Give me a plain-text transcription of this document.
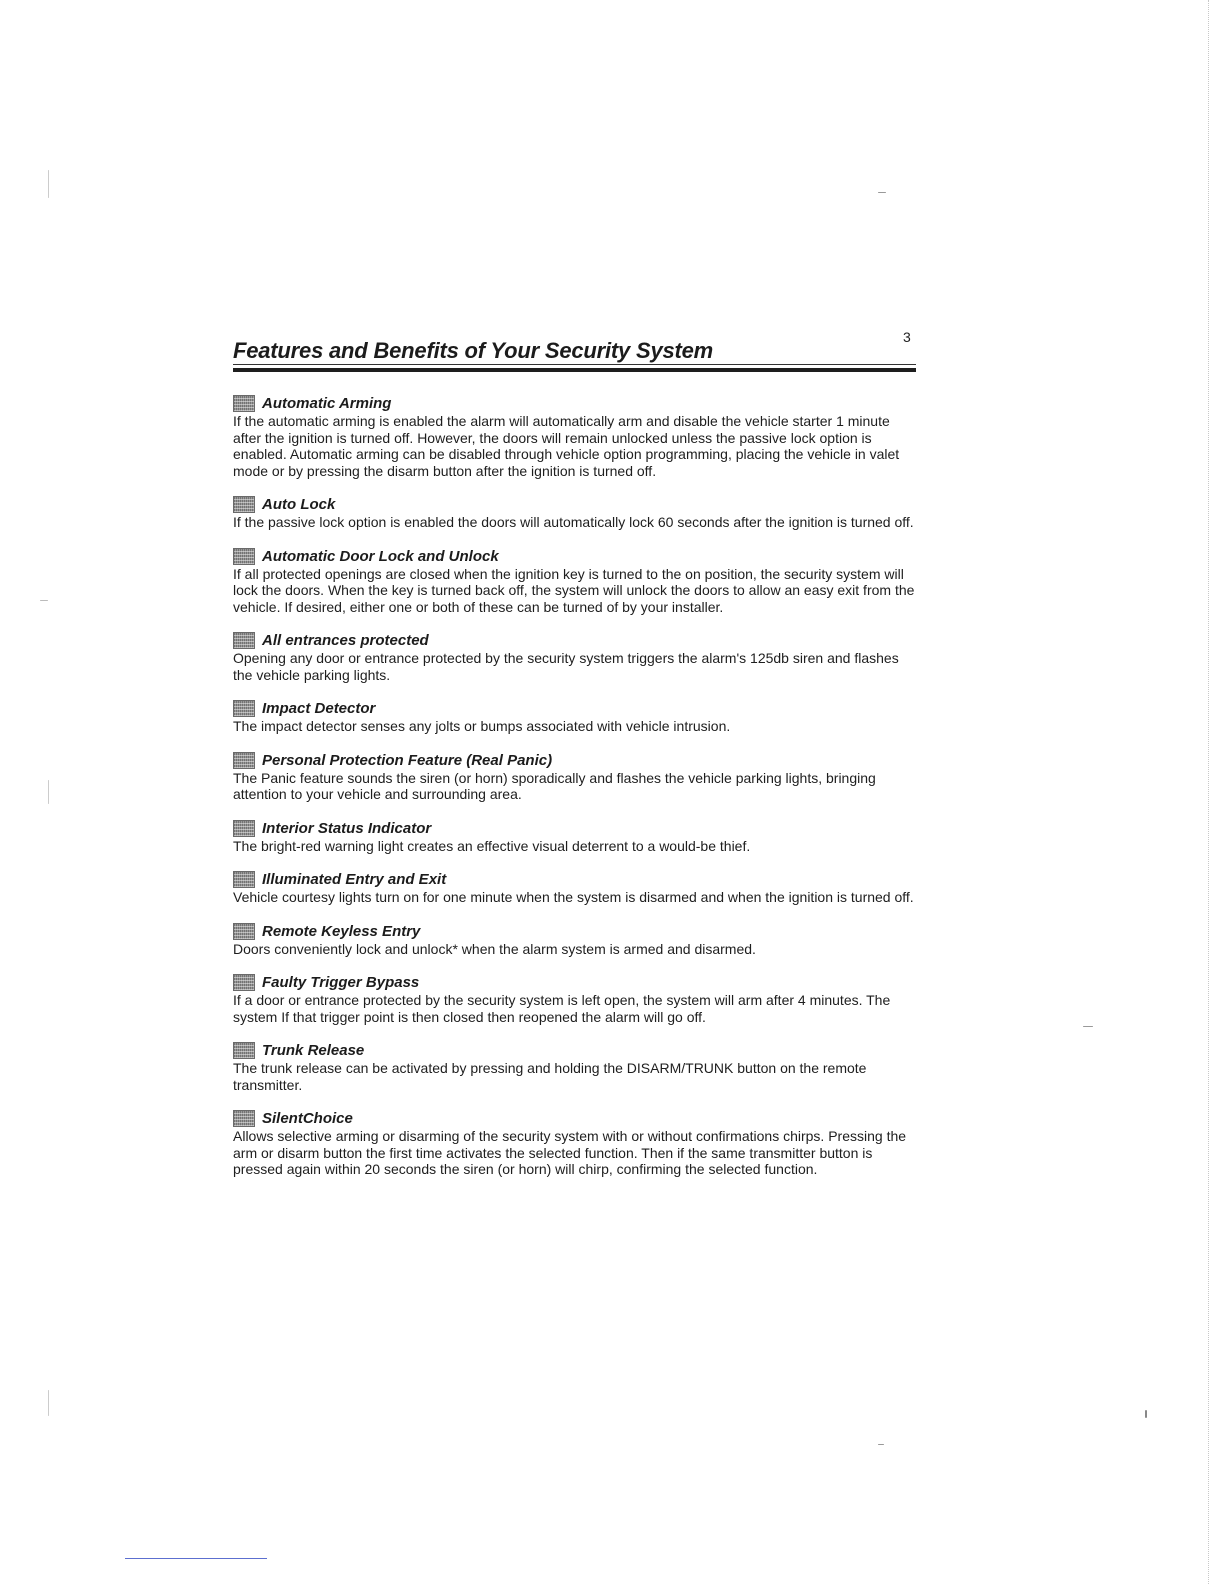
3
Features and Benefits of Your Security System
Automatic Arming

If the automatic arming is enabled the alarm will automatically arm and disable the vehicle starter 1 minute after the ignition is turned off. However, the doors will remain unlocked unless the passive lock option is enabled. Automatic arming can be disabled through vehicle option programming, placing the vehicle in valet mode or by pressing the disarm button after the ignition is turned off.

Auto Lock

If the passive lock option is enabled the doors will automatically lock 60 seconds after the ignition is turned off.

Automatic Door Lock and Unlock

If all protected openings are closed when the ignition key is turned to the on position, the security system will lock the doors. When the key is turned back off, the system will unlock the doors to allow an easy exit from the vehicle. If desired, either one or both of these can be turned of by your installer.

All entrances protected

Opening any door or entrance protected by the security system triggers the alarm's 125db siren and flashes the vehicle parking lights.

Impact Detector

The impact detector senses any jolts or bumps associated with vehicle intrusion.

Personal Protection Feature (Real Panic)

The Panic feature sounds the siren (or horn) sporadically and flashes the vehicle parking lights, bringing attention to your vehicle and surrounding area.

Interior Status Indicator

The bright-red warning light creates an effective visual deterrent to a would-be thief.

Illuminated Entry and Exit

Vehicle courtesy lights turn on for one minute when the system is disarmed and when the ignition is turned off.

Remote Keyless Entry

Doors conveniently lock and unlock* when the alarm system is armed and disarmed.

Faulty Trigger Bypass

If a door or entrance protected by the security system is left open, the system will arm after 4 minutes. The system If that trigger point is then closed then reopened the alarm will go off.

Trunk Release

The trunk release can be activated by pressing and holding the DISARM/TRUNK button on the remote transmitter.

SilentChoice

Allows selective arming or disarming of the security system with or without confirmations chirps. Pressing the arm or disarm button the first time activates the selected function. Then if the same transmitter button is pressed again within 20 seconds the siren (or horn) will chirp, confirming the selected function.
